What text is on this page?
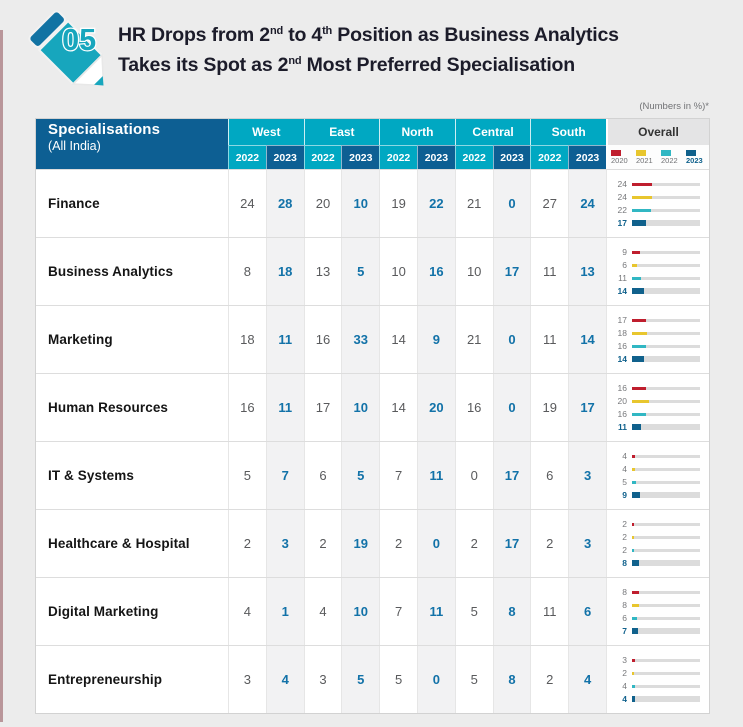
05 HR Drops from 2nd to 4th Position as Business Analytics
Takes its Spot as 2nd Most Preferred Specialisation
(Numbers in %)*
Specialisations
(All India)
Overall
2020 2021 2022 2023
West
2022	2023
East
2022	2023
North
2022	2023
Central
2022	2023
South
2022	2023
Finance	24	28	20	10	19	22	21	0	27	24
24
24
22
17
Business Analytics	8	18	13	5	10	16	10	17	11	13
9
6
11
14
Marketing	18	11	16	33	14	9	21	0	11	14
17
18
16
14
Human Resources	16	11	17	10	14	20	16	0	19	17
16
20
16
11
IT & Systems	5	7	6	5	7	11	0	17	6	3
4
4
5
9
Healthcare & Hospital	2	3	2	19	2	0	2	17	2	3
2
2
2
8
Digital Marketing	4	1	4	10	7	11	5	8	11	6
8
8
6
7
Entrepreneurship	3	4	3	5	5	0	5	8	2	4
3
2
4
4
